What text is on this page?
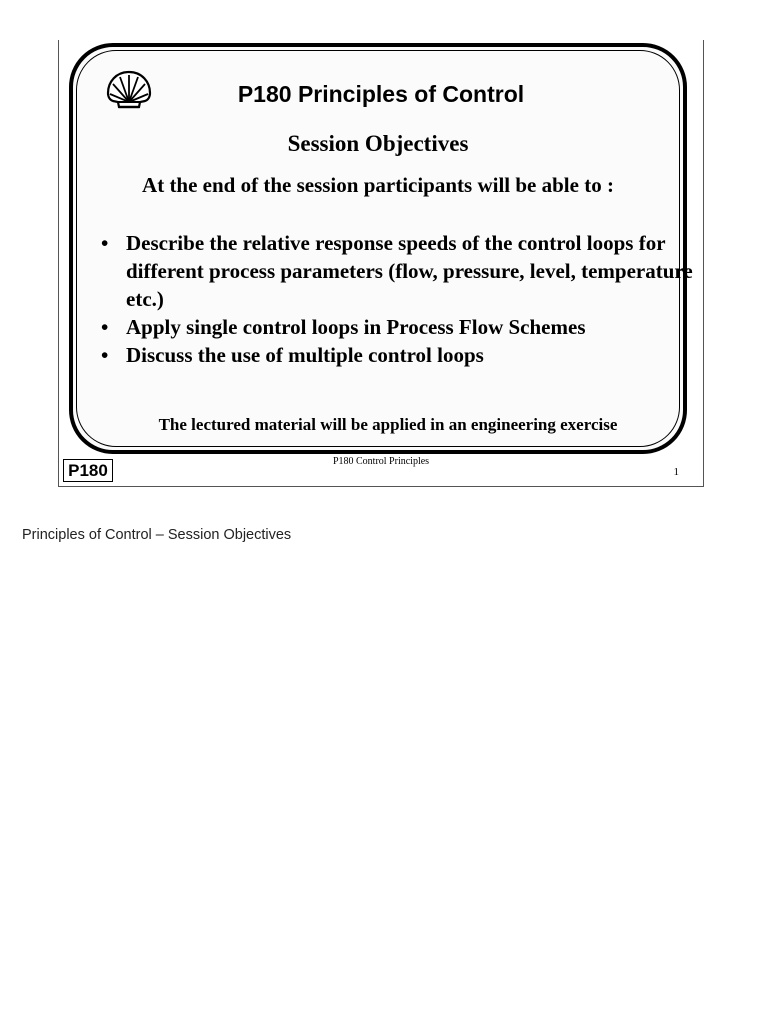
P180 Principles of Control
Session Objectives
At the end of the session participants will be able to :
• Describe the relative response speeds of the control loops for different process parameters (flow, pressure, level, temperature etc.)
• Apply single control loops in Process Flow Schemes
• Discuss the use of multiple control loops
The lectured material will be applied in an engineering exercise
P180	P180 Control Principles
1
Principles of Control – Session Objectives
